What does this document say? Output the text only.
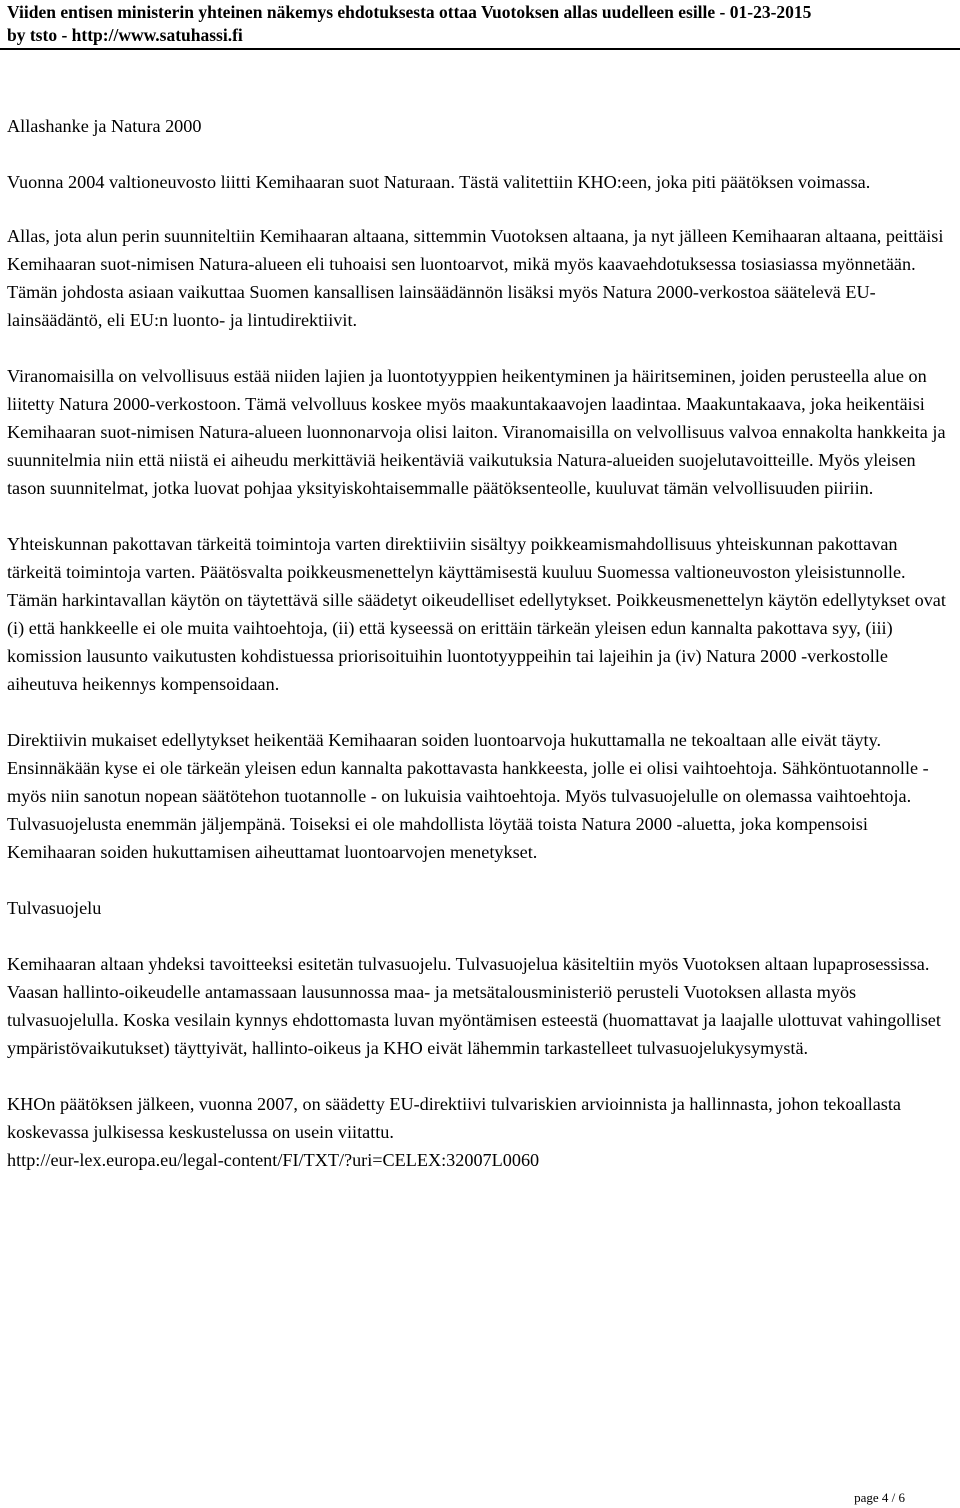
Viiden entisen ministerin yhteinen näkemys ehdotuksesta ottaa Vuotoksen allas uudelleen esille - 01-23-2015
by tsto - http://www.satuhassi.fi

Allashanke ja Natura 2000

Vuonna 2004 valtioneuvosto liitti Kemihaaran suot Naturaan. Tästä valitettiin KHO:een, joka piti päätöksen voimassa.

Allas, jota alun perin suunniteltiin Kemihaaran altaana, sittemmin Vuotoksen altaana, ja nyt jälleen Kemihaaran altaana, peittäisi Kemihaaran suot-nimisen Natura-alueen eli tuhoaisi sen luontoarvot, mikä myös kaavaehdotuksessa tosiasiassa myönnetään. Tämän johdosta asiaan vaikuttaa Suomen kansallisen lainsäädännön lisäksi myös Natura 2000-verkostoa säätelevä EU-lainsäädäntö, eli EU:n luonto- ja lintudirektiivit.

Viranomaisilla on velvollisuus estää niiden lajien ja luontotyyppien heikentyminen ja häiritseminen, joiden perusteella alue on liitetty Natura 2000-verkostoon. Tämä velvolluus koskee myös maakuntakaavojen laadintaa. Maakuntakaava, joka heikentäisi Kemihaaran suot-nimisen Natura-alueen luonnonarvoja olisi laiton. Viranomaisilla on velvollisuus valvoa ennakolta hankkeita ja suunnitelmia niin että niistä ei aiheudu merkittäviä heikentäviä vaikutuksia Natura-alueiden suojelutavoitteille. Myös yleisen tason suunnitelmat, jotka luovat pohjaa yksityiskohtaisemmalle päätöksenteolle, kuuluvat tämän velvollisuuden piiriin.

Yhteiskunnan pakottavan tärkeitä toimintoja varten direktiiviin sisältyy poikkeamismahdollisuus yhteiskunnan pakottavan tärkeitä toimintoja varten. Päätösvalta poikkeusmenettelyn käyttämisestä kuuluu Suomessa valtioneuvoston yleisistunnolle. Tämän harkintavallan käytön on täytettävä sille säädetyt oikeudelliset edellytykset. Poikkeusmenettelyn käytön edellytykset ovat (i) että hankkeelle ei ole muita vaihtoehtoja, (ii) että kyseessä on erittäin tärkeän yleisen edun kannalta pakottava syy, (iii) komission lausunto vaikutusten kohdistuessa priorisoituihin luontotyyppeihin tai lajeihin ja (iv) Natura 2000 -verkostolle aiheutuva heikennys kompensoidaan.

Direktiivin mukaiset edellytykset heikentää Kemihaaran soiden luontoarvoja hukuttamalla ne tekoaltaan alle eivät täyty. Ensinnäkään kyse ei ole tärkeän yleisen edun kannalta pakottavasta hankkeesta, jolle ei olisi vaihtoehtoja. Sähköntuotannolle - myös niin sanotun nopean säätötehon tuotannolle - on lukuisia vaihtoehtoja. Myös tulvasuojelulle on olemassa vaihtoehtoja. Tulvasuojelusta enemmän jäljempänä. Toiseksi ei ole mahdollista löytää toista Natura 2000 -aluetta, joka kompensoisi Kemihaaran soiden hukuttamisen aiheuttamat luontoarvojen menetykset.

Tulvasuojelu

Kemihaaran altaan yhdeksi tavoitteeksi esitetän tulvasuojelu. Tulvasuojelua käsiteltiin myös Vuotoksen altaan lupaprosessissa. Vaasan hallinto-oikeudelle antamassaan lausunnossa maa- ja metsätalousministeriö perusteli Vuotoksen allasta myös tulvasuojelulla. Koska vesilain kynnys ehdottomasta luvan myöntämisen esteestä (huomattavat ja laajalle ulottuvat vahingolliset ympäristövaikutukset) täyttyivät, hallinto-oikeus ja KHO eivät lähemmin tarkastelleet tulvasuojelukysymystä.

KHOn päätöksen jälkeen, vuonna 2007, on säädetty EU-direktiivi tulvariskien arvioinnista ja hallinnasta, johon tekoallasta koskevassa julkisessa keskustelussa on usein viitattu.
http://eur-lex.europa.eu/legal-content/FI/TXT/?uri=CELEX:32007L0060

page 4 / 6
